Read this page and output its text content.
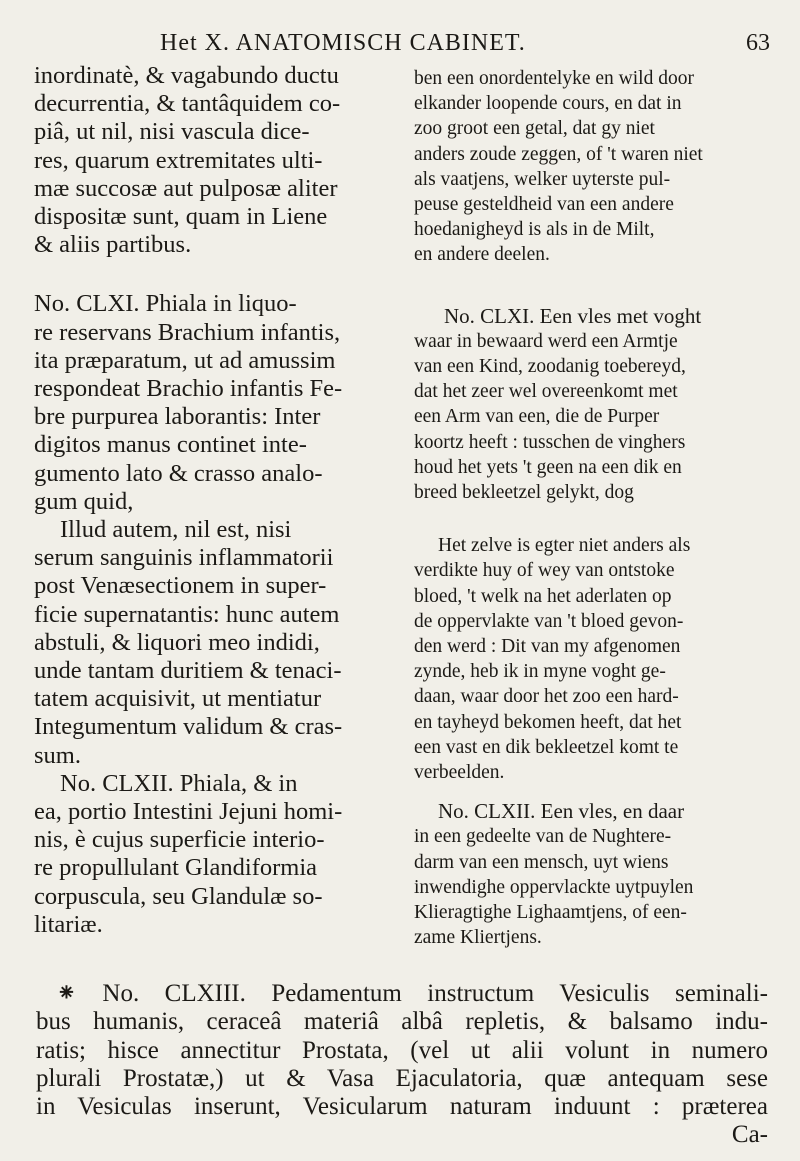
Het X. ANATOMISCH CABINET.	63

inordinatè, & vagabundo ductu
decurrentia, & tantâquidem co-
piâ, ut nil, nisi vascula dice-
res, quarum extremitates ulti-
mæ succosæ aut pulposæ aliter
dispositæ sunt, quam in Liene
& aliis partibus.

No. CLXI. Phiala in liquo-
re reservans Brachium infantis,
ita præparatum, ut ad amussim
respondeat Brachio infantis Fe-
bre purpurea laborantis: Inter
digitos manus continet inte-
gumento lato & crasso analo-
gum quid,

Illud autem, nil est, nisi
serum sanguinis inflammatorii
post Venæsectionem in super-
ficie supernatantis: hunc autem
abstuli, & liquori meo indidi,
unde tantam duritiem & tenaci-
tatem acquisivit, ut mentiatur
Integumentum validum & cras-
sum.

No. CLXII. Phiala, & in
ea, portio Intestini Jejuni homi-
nis, è cujus superficie interio-
re propullulant Glandiformia
corpuscula, seu Glandulæ so-
litariæ.

ben een onordentelyke en wild door
elkander loopende cours, en dat in
zoo groot een getal, dat gy niet
anders zoude zeggen, of 't waren niet
als vaatjens, welker uyterste pul-
peuse gesteldheid van een andere
hoedanigheyd is als in de Milt,
en andere deelen.

No. CLXI. Een vles met voght
waar in bewaard werd een Armtje
van een Kind, zoodanig toebereyd,
dat het zeer wel overeenkomt met
een Arm van een, die de Purper
koortz heeft : tusschen de vinghers
houd het yets 't geen na een dik en
breed bekleetzel gelykt, dog

Het zelve is egter niet anders als
verdikte huy of wey van ontstoke
bloed, 't welk na het aderlaten op
de oppervlakte van 't bloed gevon-
den werd : Dit van my afgenomen
zynde, heb ik in myne voght ge-
daan, waar door het zoo een hard-
en tayheyd bekomen heeft, dat het
een vast en dik bekleetzel komt te
verbeelden.

No. CLXII. Een vles, en daar
in een gedeelte van de Nughtere-
darm van een mensch, uyt wiens
inwendighe oppervlackte uytpuylen
Klieragtighe Lighaamtjens, of een-
zame Kliertjens.

⁕ No. CLXIII. Pedamentum instructum Vesiculis seminali-
bus humanis, ceraceâ materiâ albâ repletis, & balsamo indu-
ratis; hisce annectitur Prostata, (vel ut alii volunt in numero
plurali Prostatæ,) ut & Vasa Ejaculatoria, quæ antequam sese
in Vesiculas inserunt, Vesicularum naturam induunt : præterea
Ca-
